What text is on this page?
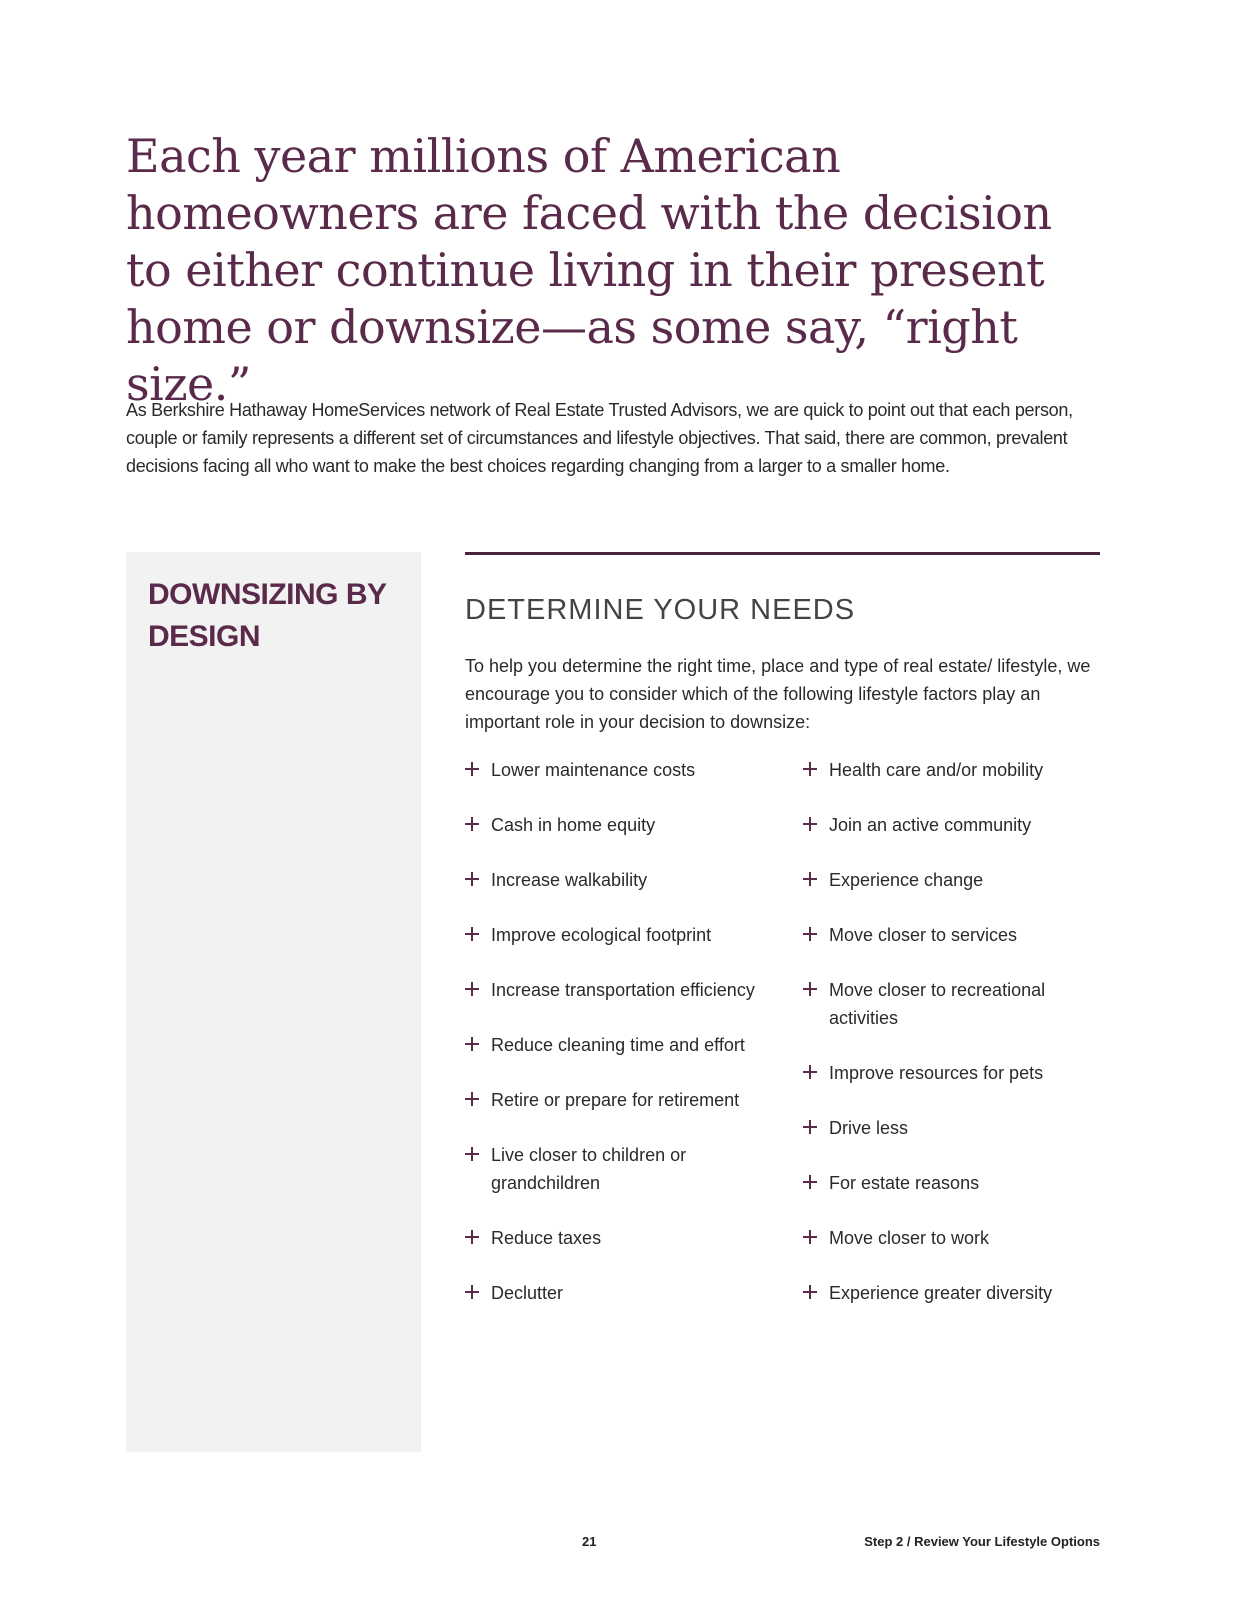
Each year millions of American homeowners are faced with the decision to either continue living in their present home or downsize—as some say, “right size.”

As Berkshire Hathaway HomeServices network of Real Estate Trusted Advisors, we are quick to point out that each person, couple or family represents a different set of circumstances and lifestyle objectives. That said, there are common, prevalent decisions facing all who want to make the best choices regarding changing from a larger to a smaller home.

DOWNSIZING BY DESIGN
DETERMINE YOUR NEEDS

To help you determine the right time, place and type of real estate/ lifestyle, we encourage you to consider which of the following lifestyle factors play an important role in your decision to downsize:

Lower maintenance costs
Cash in home equity
Increase walkability
Improve ecological footprint
Increase transportation efficiency
Reduce cleaning time and effort
Retire or prepare for retirement
Live closer to children or grandchildren
Reduce taxes
Declutter
Health care and/or mobility
Join an active community
Experience change
Move closer to services
Move closer to recreational activities
Improve resources for pets
Drive less
For estate reasons
Move closer to work
Experience greater diversity
21	Step 2 / Review Your Lifestyle Options
